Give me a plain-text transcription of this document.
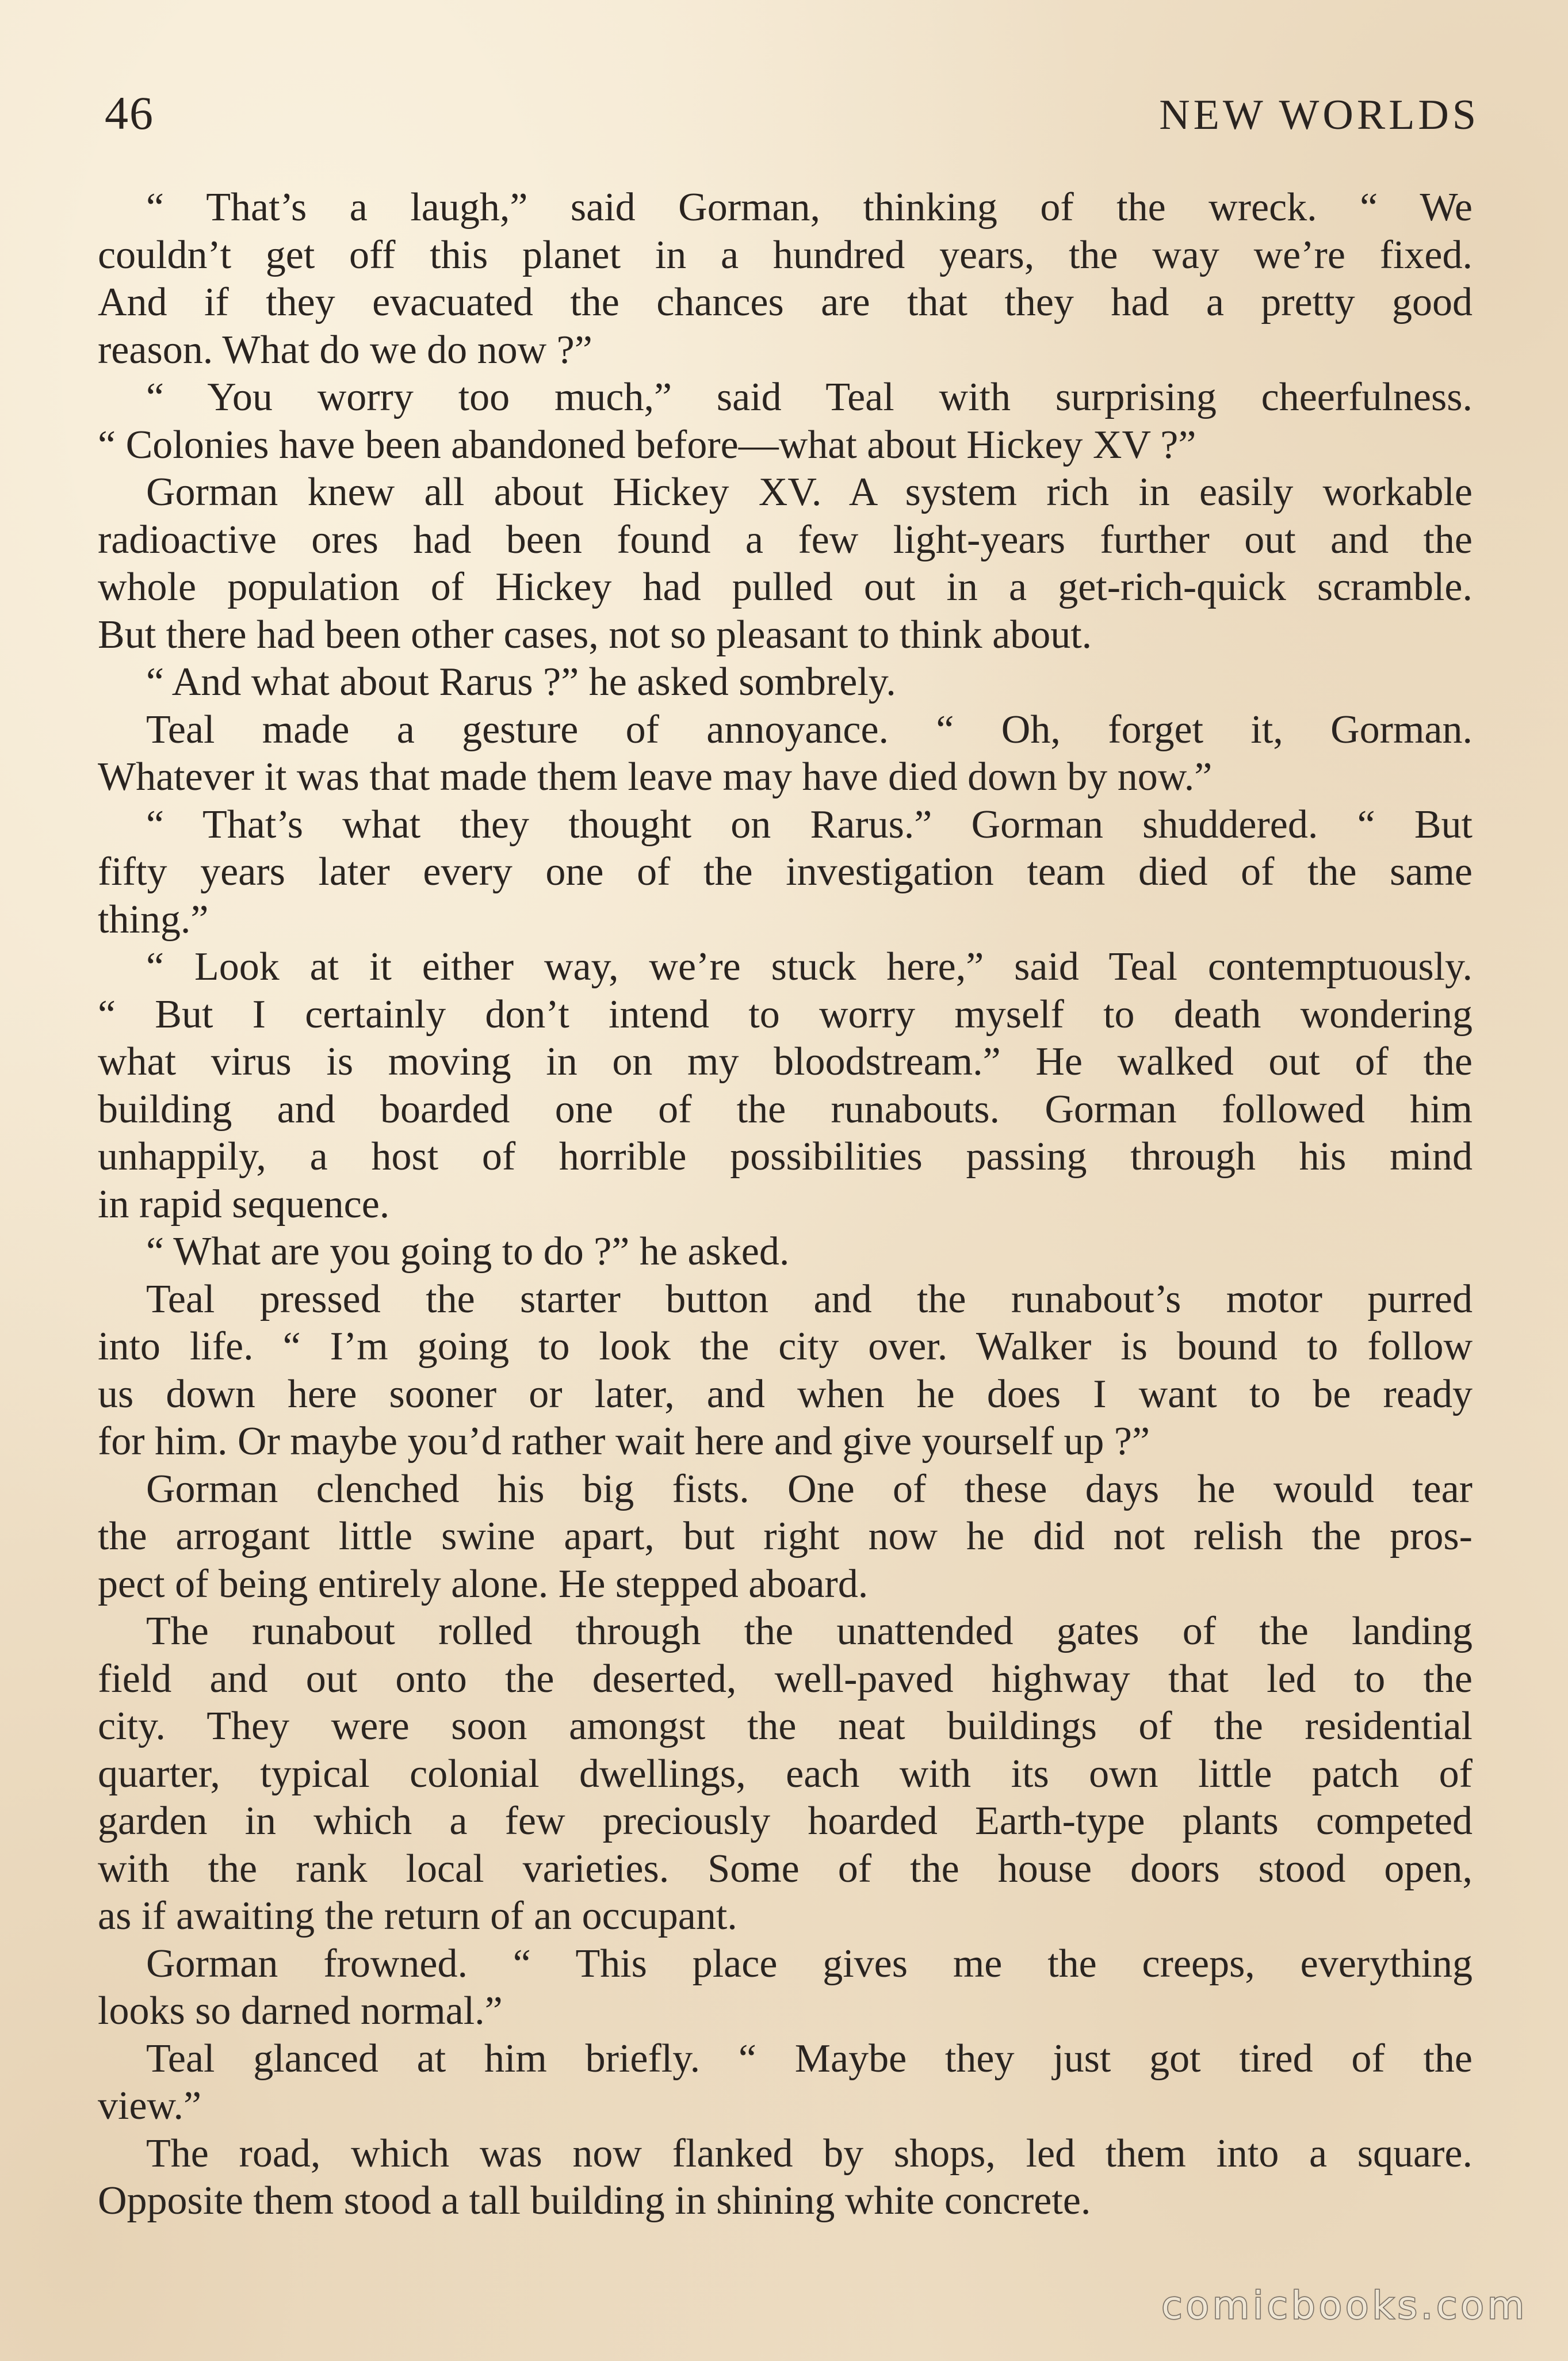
46	NEW WORLDS
“ That’s a laugh,” said Gorman, thinking of the wreck. “ We
couldn’t get off this planet in a hundred years, the way we’re fixed.
And if they evacuated the chances are that they had a pretty good
reason. What do we do now ?”
“ You worry too much,” said Teal with surprising cheerfulness.
“ Colonies have been abandoned before—what about Hickey XV ?”
Gorman knew all about Hickey XV. A system rich in easily workable
radioactive ores had been found a few light-years further out and the
whole population of Hickey had pulled out in a get-rich-quick scramble.
But there had been other cases, not so pleasant to think about.
“ And what about Rarus ?” he asked sombrely.
Teal made a gesture of annoyance. “ Oh, forget it, Gorman.
Whatever it was that made them leave may have died down by now.”
“ That’s what they thought on Rarus.” Gorman shuddered. “ But
fifty years later every one of the investigation team died of the same
thing.”
“ Look at it either way, we’re stuck here,” said Teal contemptuously.
“ But I certainly don’t intend to worry myself to death wondering
what virus is moving in on my bloodstream.” He walked out of the
building and boarded one of the runabouts. Gorman followed him
unhappily, a host of horrible possibilities passing through his mind
in rapid sequence.
“ What are you going to do ?” he asked.
Teal pressed the starter button and the runabout’s motor purred
into life. “ I’m going to look the city over. Walker is bound to follow
us down here sooner or later, and when he does I want to be ready
for him. Or maybe you’d rather wait here and give yourself up ?”
Gorman clenched his big fists. One of these days he would tear
the arrogant little swine apart, but right now he did not relish the pros-
pect of being entirely alone. He stepped aboard.
The runabout rolled through the unattended gates of the landing
field and out onto the deserted, well-paved highway that led to the
city. They were soon amongst the neat buildings of the residential
quarter, typical colonial dwellings, each with its own little patch of
garden in which a few preciously hoarded Earth-type plants competed
with the rank local varieties. Some of the house doors stood open,
as if awaiting the return of an occupant.
Gorman frowned. “ This place gives me the creeps, everything
looks so darned normal.”
Teal glanced at him briefly. “ Maybe they just got tired of the
view.”
The road, which was now flanked by shops, led them into a square.
Opposite them stood a tall building in shining white concrete.
comicbooks.com
